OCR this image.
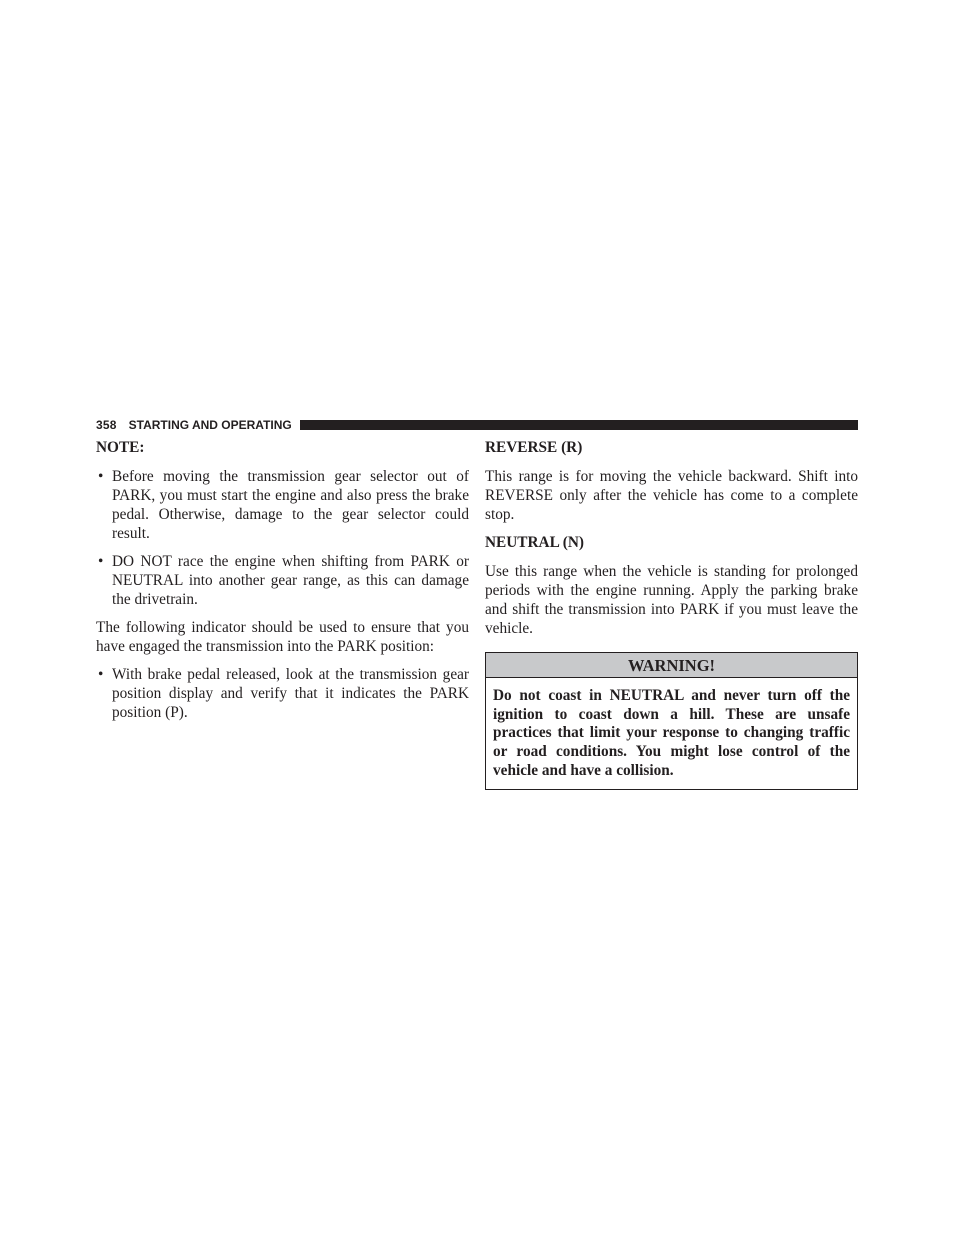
358 STARTING AND OPERATING
NOTE:
• Before moving the transmission gear selector out of PARK, you must start the engine and also press the brake pedal. Otherwise, damage to the gear selector could result.
• DO NOT race the engine when shifting from PARK or NEUTRAL into another gear range, as this can damage the drivetrain.

The following indicator should be used to ensure that you have engaged the transmission into the PARK position:

• With brake pedal released, look at the transmission gear position display and verify that it indicates the PARK position (P).
REVERSE (R)

This range is for moving the vehicle backward. Shift into REVERSE only after the vehicle has come to a complete stop.

NEUTRAL (N)

Use this range when the vehicle is standing for prolonged periods with the engine running. Apply the parking brake and shift the transmission into PARK if you must leave the vehicle.

WARNING!
Do not coast in NEUTRAL and never turn off the ignition to coast down a hill. These are unsafe practices that limit your response to changing traffic or road conditions. You might lose control of the vehicle and have a collision.
